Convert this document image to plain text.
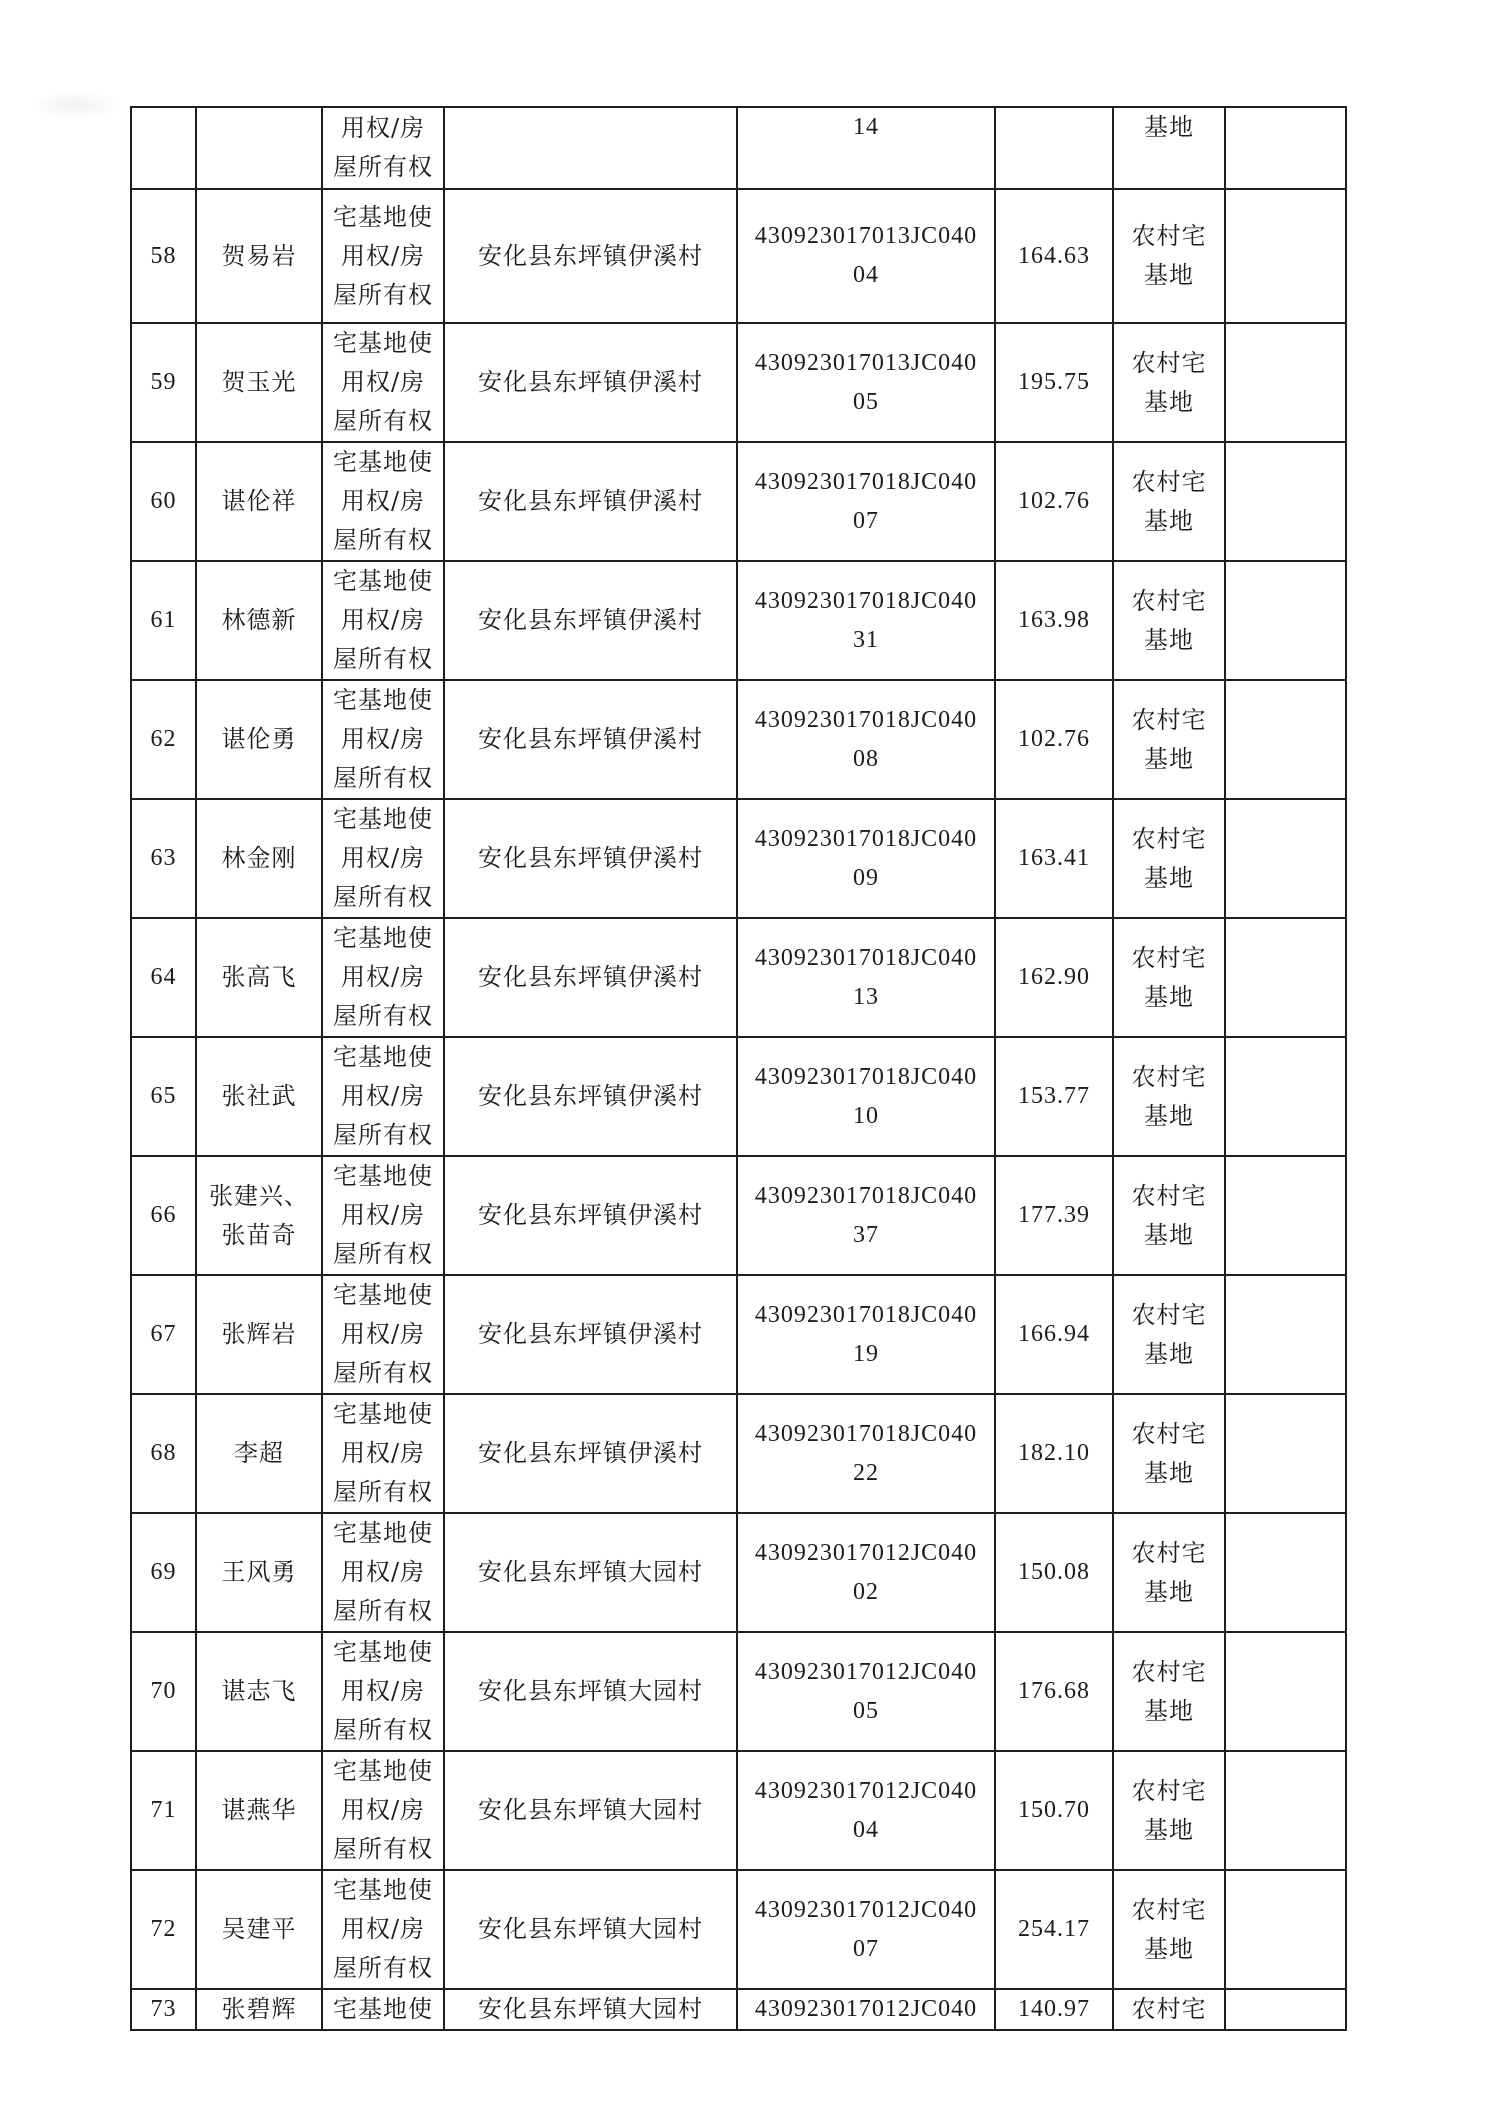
		用权/房
屋所有权		14		基地	
58	贺易岩	宅基地使
用权/房
屋所有权	安化县东坪镇伊溪村	430923017013JC040
04	164.63	农村宅
基地	
59	贺玉光	宅基地使
用权/房
屋所有权	安化县东坪镇伊溪村	430923017013JC040
05	195.75	农村宅
基地	
60	谌伦祥	宅基地使
用权/房
屋所有权	安化县东坪镇伊溪村	430923017018JC040
07	102.76	农村宅
基地	
61	林德新	宅基地使
用权/房
屋所有权	安化县东坪镇伊溪村	430923017018JC040
31	163.98	农村宅
基地	
62	谌伦勇	宅基地使
用权/房
屋所有权	安化县东坪镇伊溪村	430923017018JC040
08	102.76	农村宅
基地	
63	林金刚	宅基地使
用权/房
屋所有权	安化县东坪镇伊溪村	430923017018JC040
09	163.41	农村宅
基地	
64	张高飞	宅基地使
用权/房
屋所有权	安化县东坪镇伊溪村	430923017018JC040
13	162.90	农村宅
基地	
65	张社武	宅基地使
用权/房
屋所有权	安化县东坪镇伊溪村	430923017018JC040
10	153.77	农村宅
基地	
66	张建兴、
张苗奇	宅基地使
用权/房
屋所有权	安化县东坪镇伊溪村	430923017018JC040
37	177.39	农村宅
基地	
67	张辉岩	宅基地使
用权/房
屋所有权	安化县东坪镇伊溪村	430923017018JC040
19	166.94	农村宅
基地	
68	李超	宅基地使
用权/房
屋所有权	安化县东坪镇伊溪村	430923017018JC040
22	182.10	农村宅
基地	
69	王风勇	宅基地使
用权/房
屋所有权	安化县东坪镇大园村	430923017012JC040
02	150.08	农村宅
基地	
70	谌志飞	宅基地使
用权/房
屋所有权	安化县东坪镇大园村	430923017012JC040
05	176.68	农村宅
基地	
71	谌燕华	宅基地使
用权/房
屋所有权	安化县东坪镇大园村	430923017012JC040
04	150.70	农村宅
基地	
72	吴建平	宅基地使
用权/房
屋所有权	安化县东坪镇大园村	430923017012JC040
07	254.17	农村宅
基地	
73	张碧辉	宅基地使	安化县东坪镇大园村	430923017012JC040	140.97	农村宅	
